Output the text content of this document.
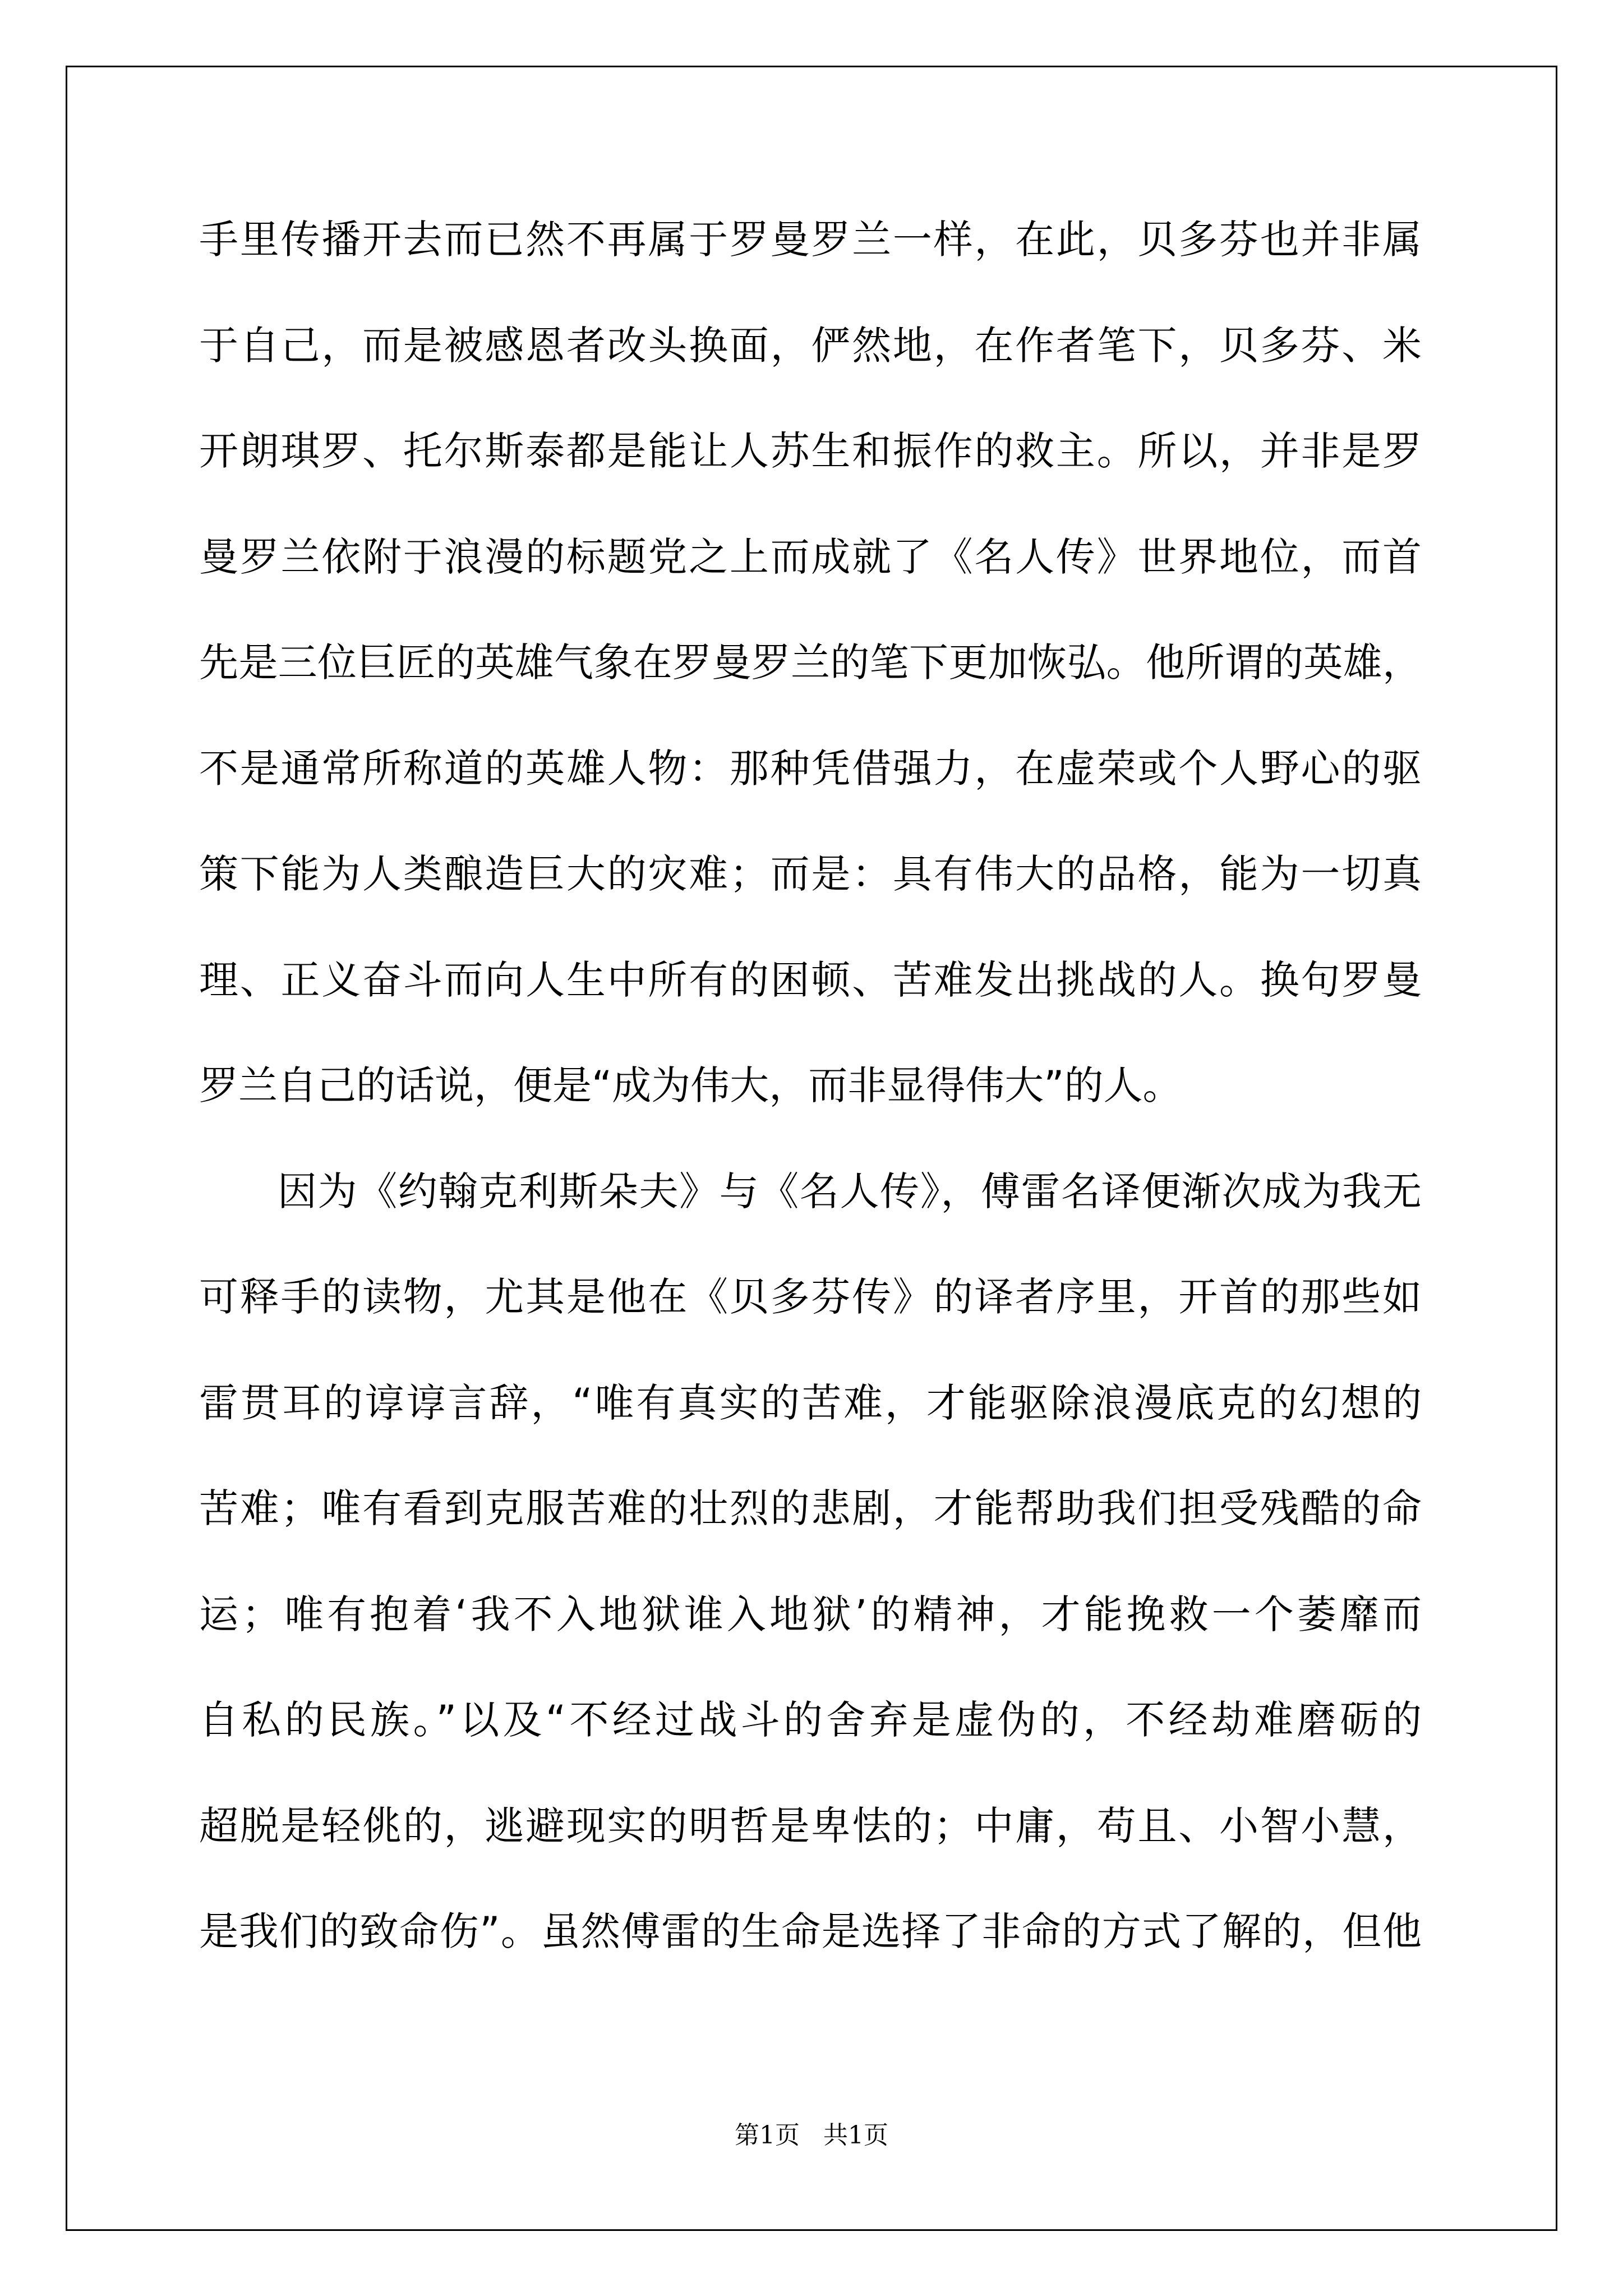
手里传播开去而已然不再属于罗曼罗兰一样，在此，贝多芬也并非属
于自己，而是被感恩者改头换面，俨然地，在作者笔下，贝多芬、米
开朗琪罗、托尔斯泰都是能让人苏生和振作的救主。所以，并非是罗
曼罗兰依附于浪漫的标题党之上而成就了《名人传》世界地位，而首
先是三位巨匠的英雄气象在罗曼罗兰的笔下更加恢弘。他所谓的英雄，
不是通常所称道的英雄人物：那种凭借强力，在虚荣或个人野心的驱
策下能为人类酿造巨大的灾难；而是：具有伟大的品格，能为一切真
理、正义奋斗而向人生中所有的困顿、苦难发出挑战的人。换句罗曼
罗兰自己的话说，便是“成为伟大，而非显得伟大”的人。
因为《约翰克利斯朵夫》与《名人传》，傅雷名译便渐次成为我无
可释手的读物，尤其是他在《贝多芬传》的译者序里，开首的那些如
雷贯耳的谆谆言辞，“唯有真实的苦难，才能驱除浪漫底克的幻想的
苦难；唯有看到克服苦难的壮烈的悲剧，才能帮助我们担受残酷的命
运；唯有抱着‘我不入地狱谁入地狱’的精神，才能挽救一个萎靡而
自私的民族。”以及“不经过战斗的舍弃是虚伪的，不经劫难磨砺的
超脱是轻佻的，逃避现实的明哲是卑怯的；中庸，苟且、小智小慧，
是我们的致命伤”。虽然傅雷的生命是选择了非命的方式了解的，但他
第1页   共1页
